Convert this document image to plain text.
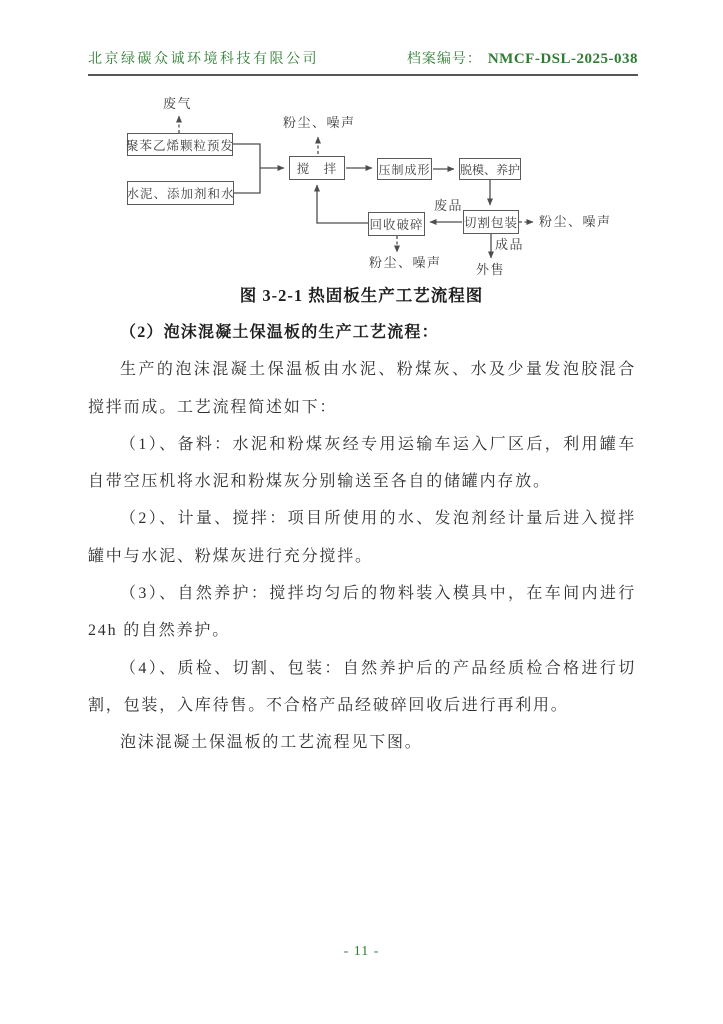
北京绿碳众诚环境科技有限公司	档案编号： NMCF-DSL-2025-038
聚苯乙烯颗粒预发
水泥、添加剂和水
搅　拌	压制成形 脱模、养护
切割包装
回收破碎
废气
粉尘、噪声
废品
粉尘、噪声
成品
粉尘、噪声	外售
图 3-2-1 热固板生产工艺流程图

（2）泡沫混凝土保温板的生产工艺流程：

生产的泡沫混凝土保温板由水泥、粉煤灰、水及少量发泡胶混合搅拌而成。工艺流程简述如下：

（1）、备料：水泥和粉煤灰经专用运输车运入厂区后，利用罐车自带空压机将水泥和粉煤灰分别输送至各自的储罐内存放。

（2）、计量、搅拌：项目所使用的水、发泡剂经计量后进入搅拌罐中与水泥、粉煤灰进行充分搅拌。

（3）、自然养护：搅拌均匀后的物料装入模具中，在车间内进行 24h 的自然养护。

（4）、质检、切割、包装：自然养护后的产品经质检合格进行切割，包装，入库待售。不合格产品经破碎回收后进行再利用。

泡沫混凝土保温板的工艺流程见下图。

- 11 -
